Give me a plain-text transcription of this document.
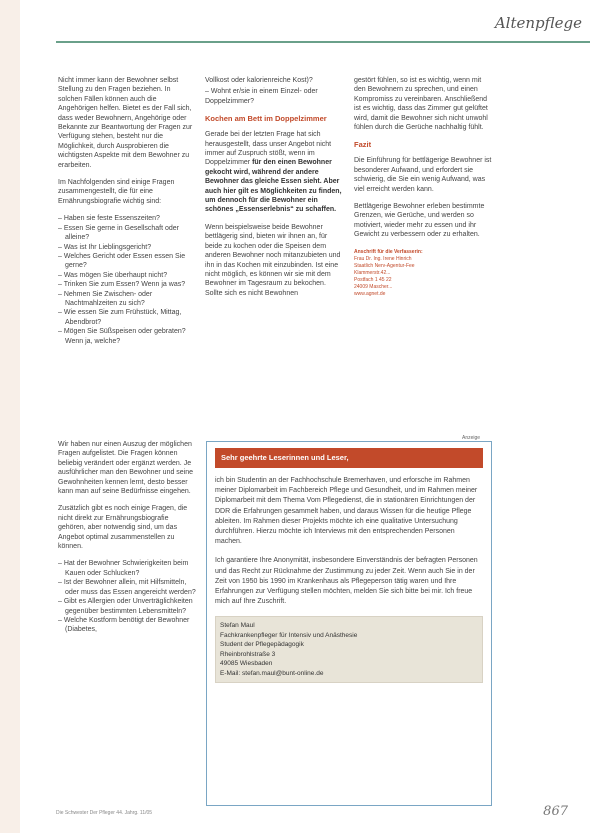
Altenpflege

Nicht immer kann der Bewohner selbst Stellung zu den Fragen beziehen. In solchen Fällen können auch die Angehörigen helfen. Bietet es der Fall sich, dass weder Bewohnern, Angehörige oder Bekannte zur Beantwortung der Fragen zur Verfügung stehen, besteht nur die Möglichkeit, durch Ausprobieren die wichtigsten Aspekte mit dem Bewohner zu erarbeiten.

Im Nachfolgenden sind einige Fragen zusammengestellt, die für eine Ernährungsbiografie wichtig sind:

– Haben sie feste Essenszeiten?
– Essen Sie gerne in Gesellschaft oder alleine?
– Was ist Ihr Lieblingsgericht?
– Welches Gericht oder Essen essen Sie gerne?
– Was mögen Sie überhaupt nicht?
– Trinken Sie zum Essen? Wenn ja was?
– Nehmen Sie Zwischen- oder Nachtmahlzeiten zu sich?
– Wie essen Sie zum Frühstück, Mittag, Abendbrot?
– Mögen Sie Süßspeisen oder gebraten? Wenn ja, welche?

Wir haben nur einen Auszug der möglichen Fragen aufgelistet. Die Fragen können beliebig verändert oder ergänzt werden. Je ausführlicher man den Bewohner und seine Gewohnheiten kennen lernt, desto besser kann man auf seine Bedürfnisse eingehen.

Zusätzlich gibt es noch einige Fragen, die nicht direkt zur Ernährungsbiografie gehören, aber notwendig sind, um das Angebot optimal zusammenstellen zu können.

– Hat der Bewohner Schwierigkeiten beim Kauen oder Schlucken?
– Ist der Bewohner allein, mit Hilfsmitteln, oder muss das Essen angereicht werden?
– Gibt es Allergien oder Unverträglichkeiten gegenüber bestimmten Lebensmitteln?
– Welche Kostform benötigt der Bewohner (Diabetes,

Vollkost oder kalorienreiche Kost)?

– Wohnt er/sie in einem Einzel- oder Doppelzimmer?

Kochen am Bett im Doppelzimmer

Gerade bei der letzten Frage hat sich herausgestellt, dass unser Angebot nicht immer auf Zuspruch stößt, wenn im Doppelzimmer für den einen Bewohner gekocht wird, während der andere Bewohner das gleiche Essen sieht. Aber auch hier gilt es Möglichkeiten zu finden, um dennoch für die Bewohner ein schönes „Essenserlebnis“ zu schaffen.

Wenn beispielsweise beide Bewohner bettlägerig sind, bieten wir ihnen an, für beide zu kochen oder die Speisen dem anderen Bewohner noch mitanzubieten und ihn in das Kochen mit einzubinden. Ist eine nicht möglich, es können wir sie mit dem Bewohner im Tagesraum zu bekochen. Sollte sich es nicht Bewohnen

gestört fühlen, so ist es wichtig, wenn mit den Bewohnern zu sprechen, und einen Kompromiss zu vereinbaren. Anschließend ist es wichtig, dass das Zimmer gut gelüftet wird, damit die Bewohner sich nicht unwohl fühlen durch die Gerüche nachhaltig fühlt.

Fazit

Die Einführung für bettlägerige Bewohner ist besonderer Aufwand, und erfordert sie schwierig, die Sie ein wenig Aufwand, was viel erreicht werden kann.

Bettlägerige Bewohner erleben bestimmte Grenzen, wie Gerüche, und werden so motiviert, wieder mehr zu essen und ihr Gewicht zu verbessern oder zu erhalten.

Anschrift für die Verfasserin:
Frau Dr. Ing. Irene Hinrich
Staatlich Nerv-Agentur-Fee
Klammerstr.42...
Postfach 1 45 22
24009 Mascher...
www.agnet.de
Anzeige
Sehr geehrte Leserinnen und Leser,

ich bin Studentin an der Fachhochschule Bremerhaven, und erforsche im Rahmen meiner Diplomarbeit im Fachbereich Pflege und Gesundheit, und im Rahmen meiner Diplomarbeit mit dem Thema Vom Pflegedienst, die in stationären Einrichtungen der DDR die Erfahrungen gesammelt haben, und daraus Wissen für die heutige Pflege ableiten. Im Rahmen dieser Projekts möchte ich eine qualitative Untersuchung durchführen. Hierzu möchte ich Interviews mit den entsprechenden Personen machen.

Ich garantiere Ihre Anonymität, insbesondere Einverständnis der befragten Personen und das Recht zur Rücknahme der Zustimmung zu jeder Zeit. Wenn auch Sie in der Zeit von 1950 bis 1990 im Krankenhaus als Pflegeperson tätig waren und Ihre Erfahrungen zur Verfügung stellen möchten, melden Sie sich bitte bei mir. Ich freue mich auf Ihre Zuschrift.

Stefan Maul
Fachkrankenpfleger für Intensiv und Anästhesie
Student der Pflegepädagogik
Rheinbrohlstraße 3
49085 Wiesbaden
E-Mail: stefan.maul@bunt-online.de
Die Schwester Der Pfleger 44. Jahrg. 11/05	867
